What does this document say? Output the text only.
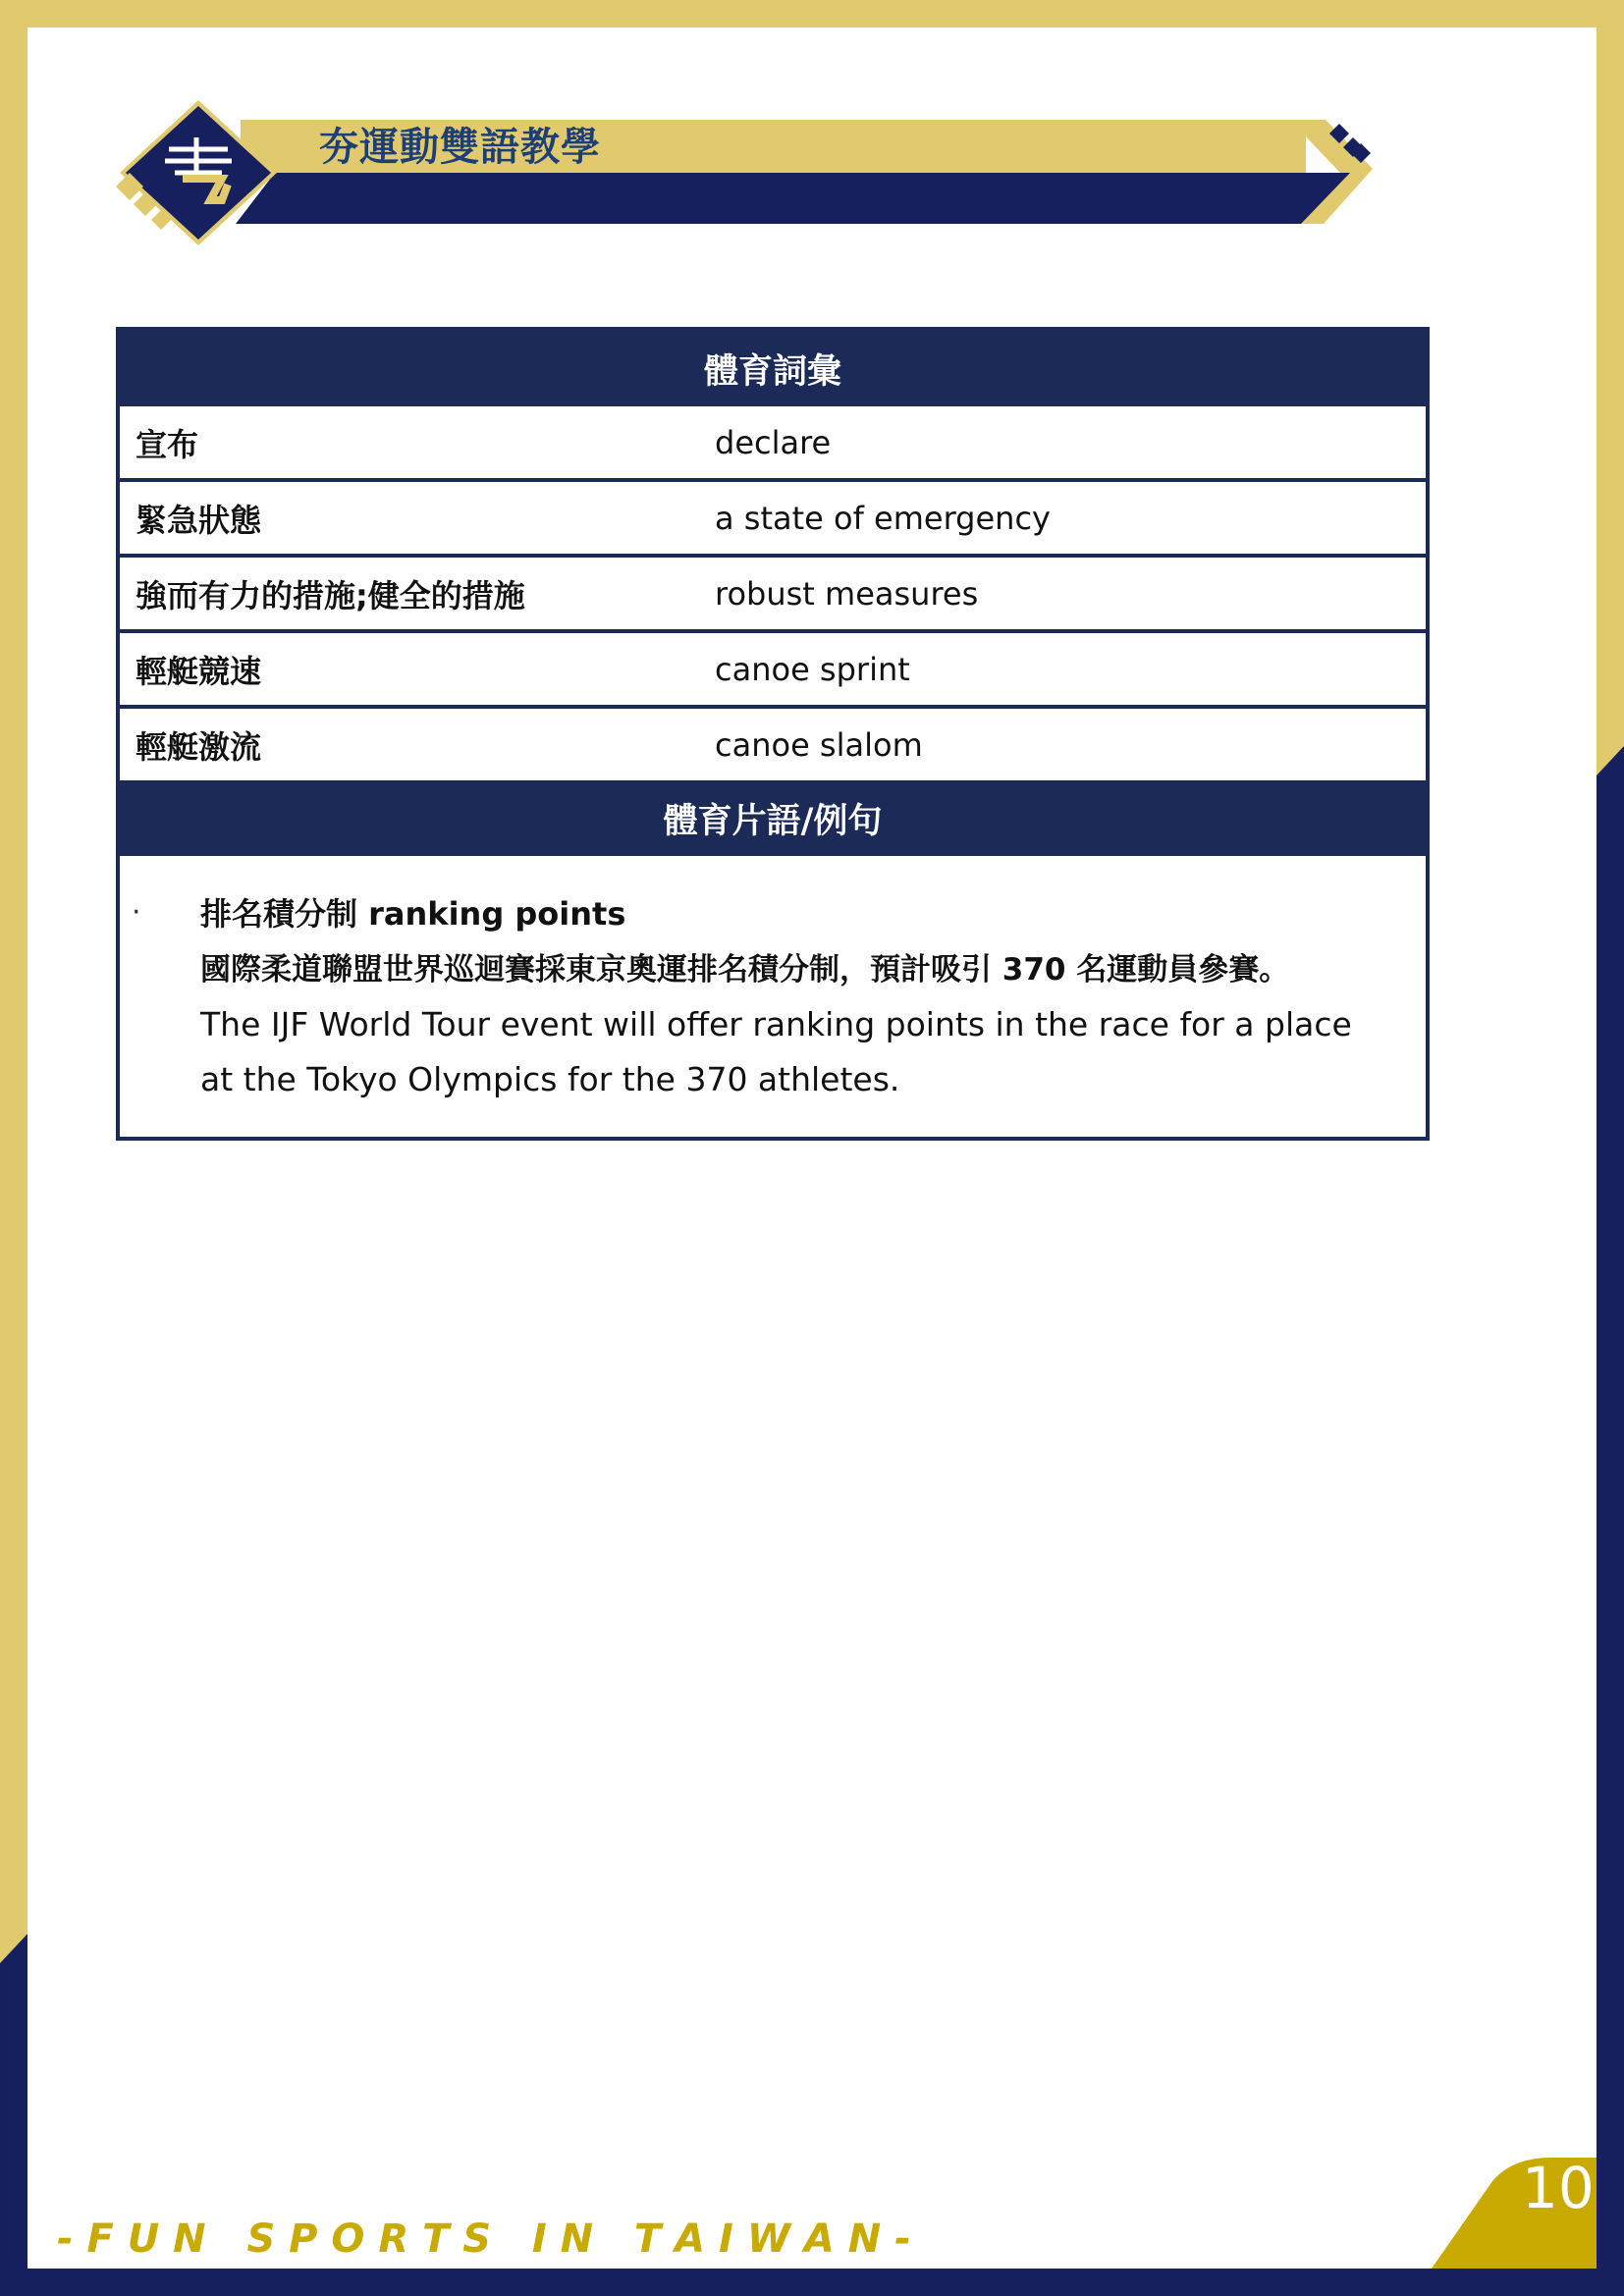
夯運動雙語教學
體育詞彙
宣布	declare
緊急狀態	a state of emergency
強而有力的措施;健全的措施	robust measures
輕艇競速	canoe sprint
輕艇激流	canoe slalom
體育片語/例句
· 排名積分制 ranking points
國際柔道聯盟世界巡迴賽採東京奧運排名積分制，預計吸引 370 名運動員參賽。
The IJF World Tour event will offer ranking points in the race for a place at the Tokyo Olympics for the 370 athletes.
- F U N   S P O R T S   I N   T A I W A N -
10
